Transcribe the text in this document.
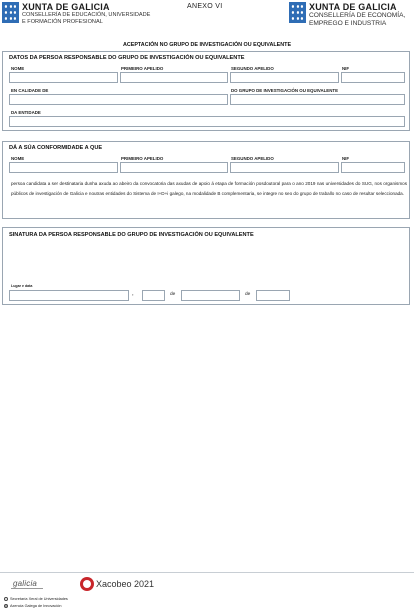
XUNTA DE GALICIA
CONSELLERÍA DE EDUCACIÓN, UNIVERSIDADE
E FORMACIÓN PROFESIONAL
ANEXO VI	XUNTA DE GALICIA
CONSELLERÍA DE ECONOMÍA,
EMPREGO E INDUSTRIA
ACEPTACIÓN NO GRUPO DE INVESTIGACIÓN OU EQUIVALENTE
DATOS DA PERSOA RESPONSABLE DO GRUPO DE INVESTIGACIÓN OU EQUIVALENTE
NOME	PRIMEIRO APELIDO	SEGUNDO APELIDO	NIF
EN CALIDADE DE	DO GRUPO DE INVESTIGACIÓN OU EQUIVALENTE
DA ENTIDADE
DÁ A SÚA CONFORMIDADE A QUE
NOME	PRIMEIRO APELIDO	SEGUNDO APELIDO	NIF
persoa candidata a ser destinataria dunha axuda ao abeiro da convocatoria das axudas de apoio á etapa de formación posdoutoral para o ano 2019 nas universidades do SUG, nos organismos públicos de investigación de Galicia e noutras entidades do Sistema de I+D+i galego, na modalidade B complementaria, se integre no seo do grupo de traballo no caso de resultar seleccionada.
SINATURA DA PERSOA RESPONSABLE DO GRUPO DE INVESTIGACIÓN OU EQUIVALENTE
Lugar e data
,	de	de
galicia	Xacobeo 2021
Secretaría Xeral de Universidades
Axencia Galega de Innovación
